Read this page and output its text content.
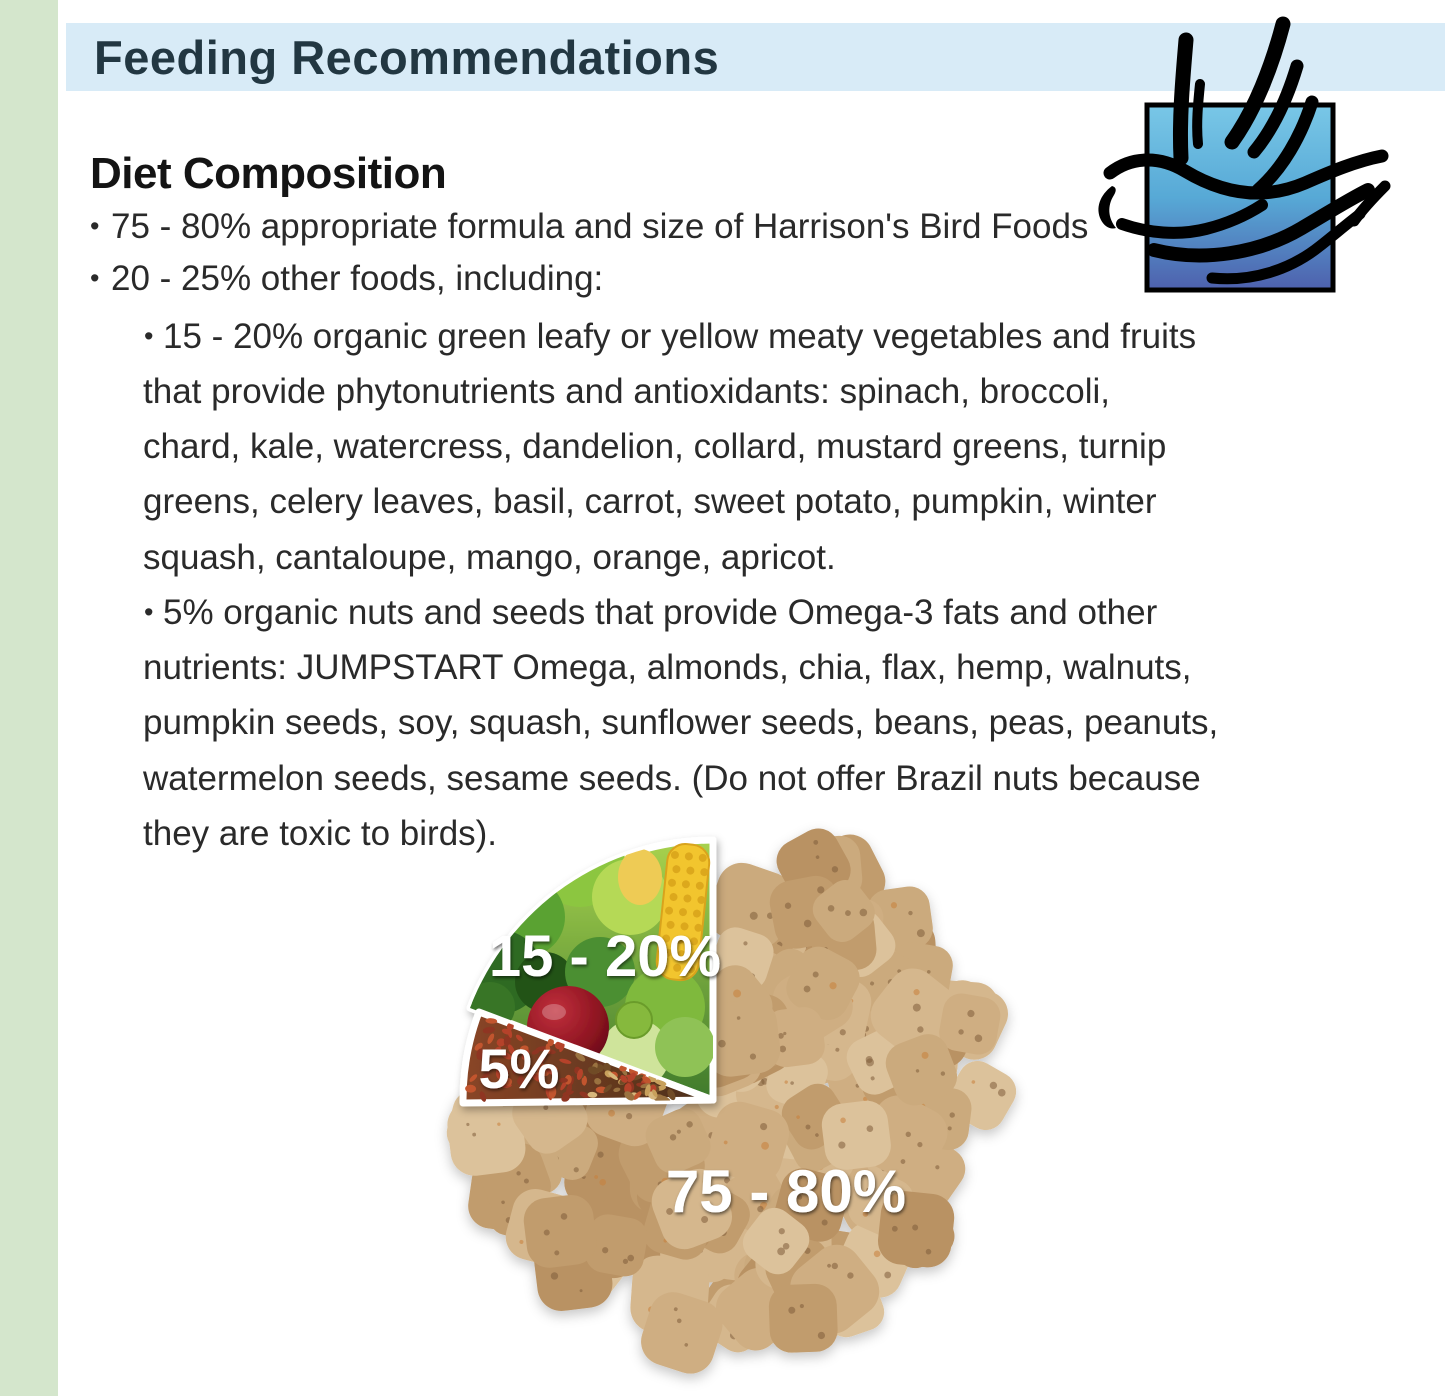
Feeding Recommendations
Diet Composition
• 75 - 80% appropriate formula and size of Harrison's Bird Foods
• 20 - 25% other foods, including:
• 15 - 20% organic green leafy or yellow meaty vegetables and fruits
that provide phytonutrients and antioxidants: spinach, broccoli,
chard, kale, watercress, dandelion, collard, mustard greens, turnip
greens, celery leaves, basil, carrot, sweet potato, pumpkin, winter
squash, cantaloupe, mango, orange, apricot.
• 5% organic nuts and seeds that provide Omega-3 fats and other
nutrients: JUMPSTART Omega, almonds, chia, flax, hemp, walnuts,
pumpkin seeds, soy, squash, sunflower seeds, beans, peas, peanuts,
watermelon seeds, sesame seeds. (Do not offer Brazil nuts because
they are toxic to birds).
15 - 20%
5%
75 - 80%
